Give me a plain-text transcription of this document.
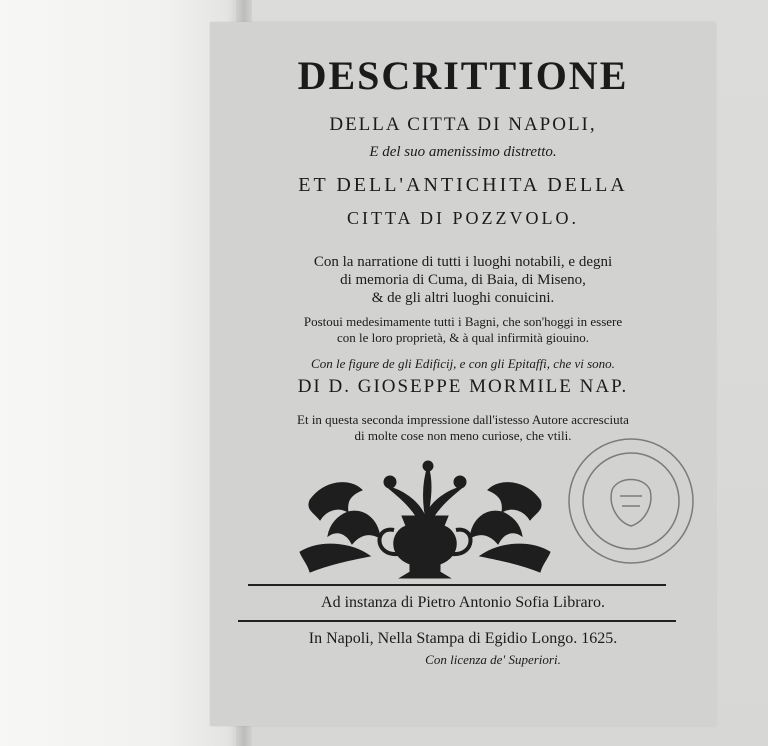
DESCRITTIONE
DELLA CITTA DI NAPOLI,
E del suo amenissimo distretto.
ET DELL'ANTICHITA DELLA
CITTA DI POZZVOLO.
Con la narratione di tutti i luoghi notabili, e degni
di memoria di Cuma, di Baia, di Miseno,
& de gli altri luoghi conuicini.
Postoui medesimamente tutti i Bagni, che son'hoggi in essere
con le loro proprietà, & à qual infirmità giouino.
Con le figure de gli Edificij, e con gli Epitaffi, che vi sono.
DI D. GIOSEPPE MORMILE NAP.
Et in questa seconda impressione dall'istesso Autore accresciuta
di molte cose non meno curiose, che vtili.
Ad instanza di Pietro Antonio Sofia Libraro.
In Napoli, Nella Stampa di Egidio Longo. 1625.
Con licenza de' Superiori.
